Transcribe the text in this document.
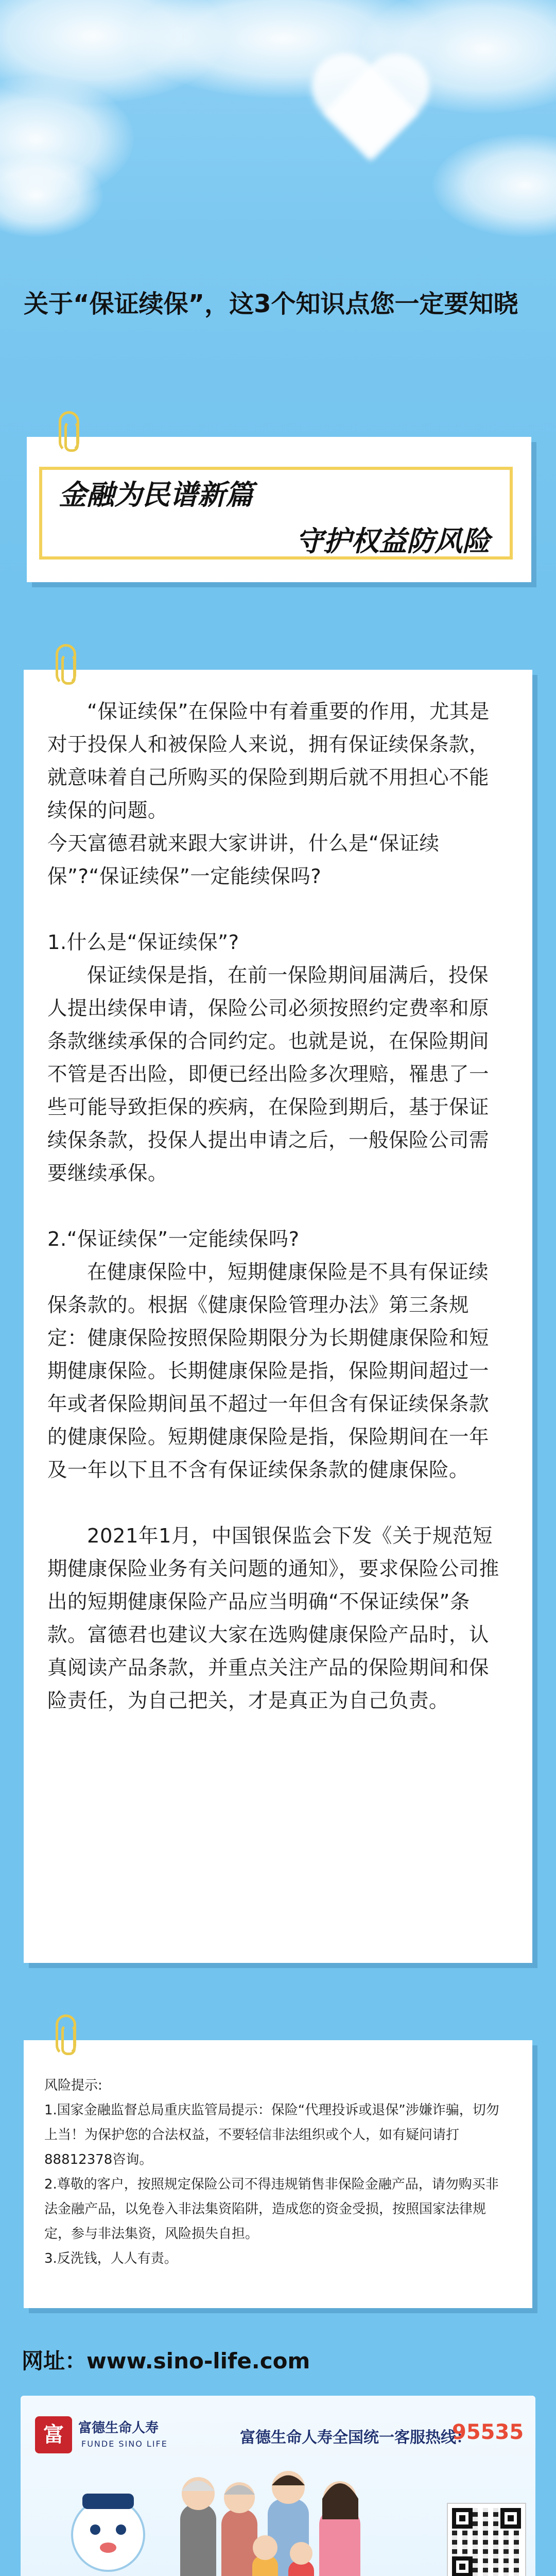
关于“保证续保”，这3个知识点您一定要知晓
金融为民谱新篇
守护权益防风险

“保证续保”在保险中有着重要的作用，尤其是对于投保人和被保险人来说，拥有保证续保条款，就意味着自己所购买的保险到期后就不用担心不能续保的问题。

今天富德君就来跟大家讲讲，什么是“保证续保”?“保证续保”一定能续保吗?

1.什么是“保证续保”?

保证续保是指，在前一保险期间届满后，投保人提出续保申请，保险公司必须按照约定费率和原条款继续承保的合同约定。也就是说，在保险期间不管是否出险，即便已经出险多次理赔，罹患了一些可能导致拒保的疾病，在保险到期后，基于保证续保条款，投保人提出申请之后，一般保险公司需要继续承保。

2.“保证续保”一定能续保吗?

在健康保险中，短期健康保险是不具有保证续保条款的。根据《健康保险管理办法》第三条规定：健康保险按照保险期限分为长期健康保险和短期健康保险。长期健康保险是指，保险期间超过一年或者保险期间虽不超过一年但含有保证续保条款的健康保险。短期健康保险是指，保险期间在一年及一年以下且不含有保证续保条款的健康保险。

2021年1月，中国银保监会下发《关于规范短期健康保险业务有关问题的通知》，要求保险公司推出的短期健康保险产品应当明确“不保证续保”条款。富德君也建议大家在选购健康保险产品时，认真阅读产品条款，并重点关注产品的保险期间和保险责任，为自己把关，才是真正为自己负责。

风险提示:

1.国家金融监督总局重庆监管局提示：保险“代理投诉或退保”涉嫌诈骗，切勿上当！为保护您的合法权益，不要轻信非法组织或个人，如有疑问请打88812378咨询。

2.尊敬的客户，按照规定保险公司不得违规销售非保险金融产品，请勿购买非法金融产品，以免卷入非法集资陷阱，造成您的资金受损，按照国家法律规定，参与非法集资，风险损失自担。

3.反洗钱，人人有责。

网址：www.sino-life.com
富	富德生命人寿
FUNDE SINO LIFE	富德生命人寿全国统一客服热线：
95535
